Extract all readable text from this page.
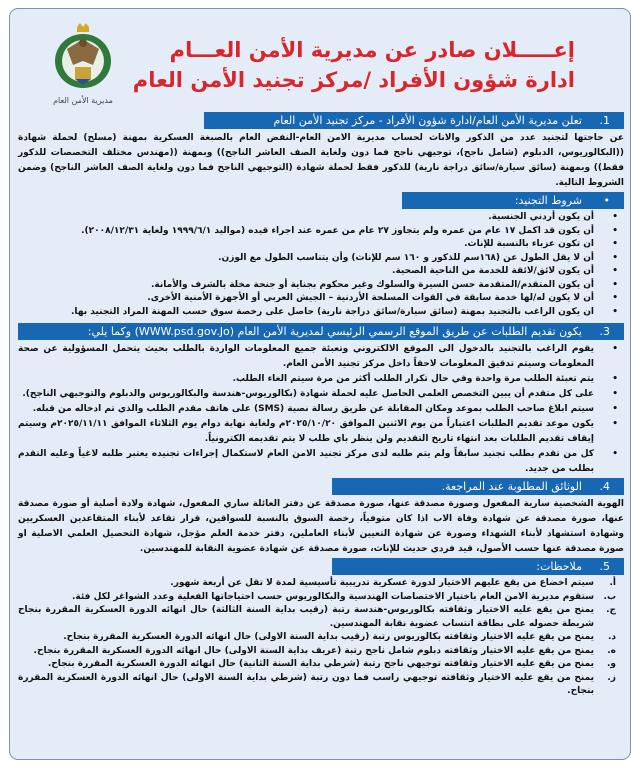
مديرية الأمن العام
إعـــــلان صادر عن مديرية الأمن العـــام
ادارة شؤون الأفراد /مركز تجنيد الأمن العام
1.تعلن مديرية الأمن العام/ادارة شؤون الأفراد - مركز تجنيد الأمن العام

عن حاجتها لتجنيد عدد من الذكور والاناث لحساب مديرية الامن العام-النفض العام بالصبغة العسكرية بمهنة (مسلح) لحملة شهادة ((البكالوريوس، الدبلوم (شامل ناجح)، توجيهي ناجح فما دون ولغاية الصف العاشر الناجح)) وبمهنة ((مهندس مختلف التخصصات للذكور فقط)) وبمهنة (سائق سيارة/سائق دراجة نارية) للذكور فقط لحملة شهادة (التوجيهي الناجح فما دون ولغاية الصف العاشر الناجح) وضمن الشروط التالية.

•شروط التجنيد:
• أن يكون أردني الجنسية.
• أن يكون قد اكمل ١٧ عام من عمره ولم يتجاوز ٢٧ عام من عمره عند اجراء قيده (مواليد ١٩٩٩/٦/١ ولغاية ٢٠٠٨/١٢/٣١).
• ان تكون عزباء بالنسبة للإناث.
• أن لا يقل الطول عن (١٦٨سم للذكور و ١٦٠ سم للإناث) وأن يتناسب الطول مع الوزن.
• أن يكون لائق/لائقة للخدمة من الناحية الصحية.
• أن يكون المتقدم/المتقدمة حسن السيرة والسلوك وغير محكوم بجناية أو جنحة مخلة بالشرف والأمانة.
• أن لا يكون له/لها خدمة سابقة في القوات المسلحة الأردنية – الجيش العربي أو الأجهزة الأمنية الأخرى.
• ان يكون الراغب بالتجنيد بمهنة (سائق سيارة/سائق دراجة نارية) حاصل على رخصة سوق حسب المهنة المراد التجنيد بها.
3.يكون تقديم الطلبات عن طريق الموقع الرسمي الرئيسي لمديرية الأمن العام (WWW.psd.gov.Jo) وكما يلي:
• يقوم الراغب بالتجنيد بالدخول الى الموقع الالكتروني وتعبئة جميع المعلومات الواردة بالطلب بحيث يتحمل المسؤولية عن صحة المعلومات وسيتم تدقيق المعلومات لاحقاً داخل مركز تجنيد الأمن العام.
• يتم تعبئة الطلب مرة واحدة وفي حال تكرار الطلب أكثر من مرة سيتم الغاء الطلب.
• على كل متقدم أن يبين التخصص العلمي الحاصل عليه لحملة شهادة (بكالوريوس-هندسة والبكالوريوس والدبلوم والتوجيهي الناجح).
• سيتم ابلاغ صاحب الطلب بموعد ومكان المقابلة عن طريق رسالة نصية (SMS) على هاتف مقدم الطلب والذي تم ادخاله من قبله.
• يكون موعد تقديم الطلبات اعتباراً من يوم الاثنين الموافق ٢٠٢٥/١٠/٢٠م ولغاية نهاية دوام يوم الثلاثاء الموافق ٢٠٢٥/١١/١١م وسيتم إيقاف تقديم الطلبات بعد انتهاء تاريخ التقديم ولن ينظر باي طلب لا يتم تقديمه الكترونياً.
• كل من تقدم بطلب تجنيد سابقاً ولم يتم طلبه لدى مركز تجنيد الامن العام لاستكمال إجراءات تجنيده يعتبر طلبه لاغياً وعليه التقدم بطلب من جديد.
4.الوثائق المطلوبة عند المراجعة.

الهوية الشخصية سارية المفعول وصورة مصدقة عنها، صورة مصدقة عن دفتر العائلة ساري المفعول، شهادة ولادة أصلية أو صورة مصدقة عنها، صورة مصدقة عن شهادة وفاة الاب اذا كان متوفياً، رخصة السوق بالنسبة للسواقين، قرار تقاعد لأبناء المتقاعدين العسكريين وشهادة استشهاد لأبناء الشهداء وصورة عن شهادة التعيين لأبناء العاملين، دفتر خدمة العلم مؤجل، شهادة التحصيل العلمي الاصلية او صورة مصدقة عنها حسب الأصول، قيد فردي حديث للإناث، صورة مصدقة عن شهادة عضوية النقابة للمهندسين.

5.ملاحظات:
أ.
سيتم اخضاع من يقع عليهم الاختيار لدورة عسكرية تدريبية تأسيسية لمدة لا تقل عن أربعة شهور.
ب.
ستقوم مديرية الامن العام باختيار الاختصاصات الهندسية والبكالوريوس حسب احتياجاتها الفعلية وعدد الشواغر لكل فئة.
ج.
يمنح من يقع عليه الاختيار وثقافته بكالوريوس-هندسة رتبة (رقيب بداية السنة الثالثة) حال انهائه الدورة العسكرية المقررة بنجاح شريطة حصوله على بطاقة انتساب عضوية نقابة المهندسين.
د.
يمنح من يقع عليه الاختيار وثقافته بكالوريوس رتبة (رقيب بداية السنة الاولى) حال انهائه الدورة العسكرية المقررة بنجاح.
ه.
يمنح من يقع عليه الاختيار وثقافته دبلوم شامل ناجح رتبة (عريف بداية السنة الاولى) حال انهائه الدورة العسكرية المقررة بنجاح.
و.
يمنح من يقع عليه الاختيار وثقافته توجيهي ناجح رتبة (شرطي بداية السنة الثانية) حال انهائه الدورة العسكرية المقررة بنجاح.
ز.
يمنح من يقع عليه الاختيار وثقافته توجيهي راسب فما دون رتبة (شرطي بداية السنة الاولى) حال انهائه الدورة العسكرية المقررة بنجاح.
